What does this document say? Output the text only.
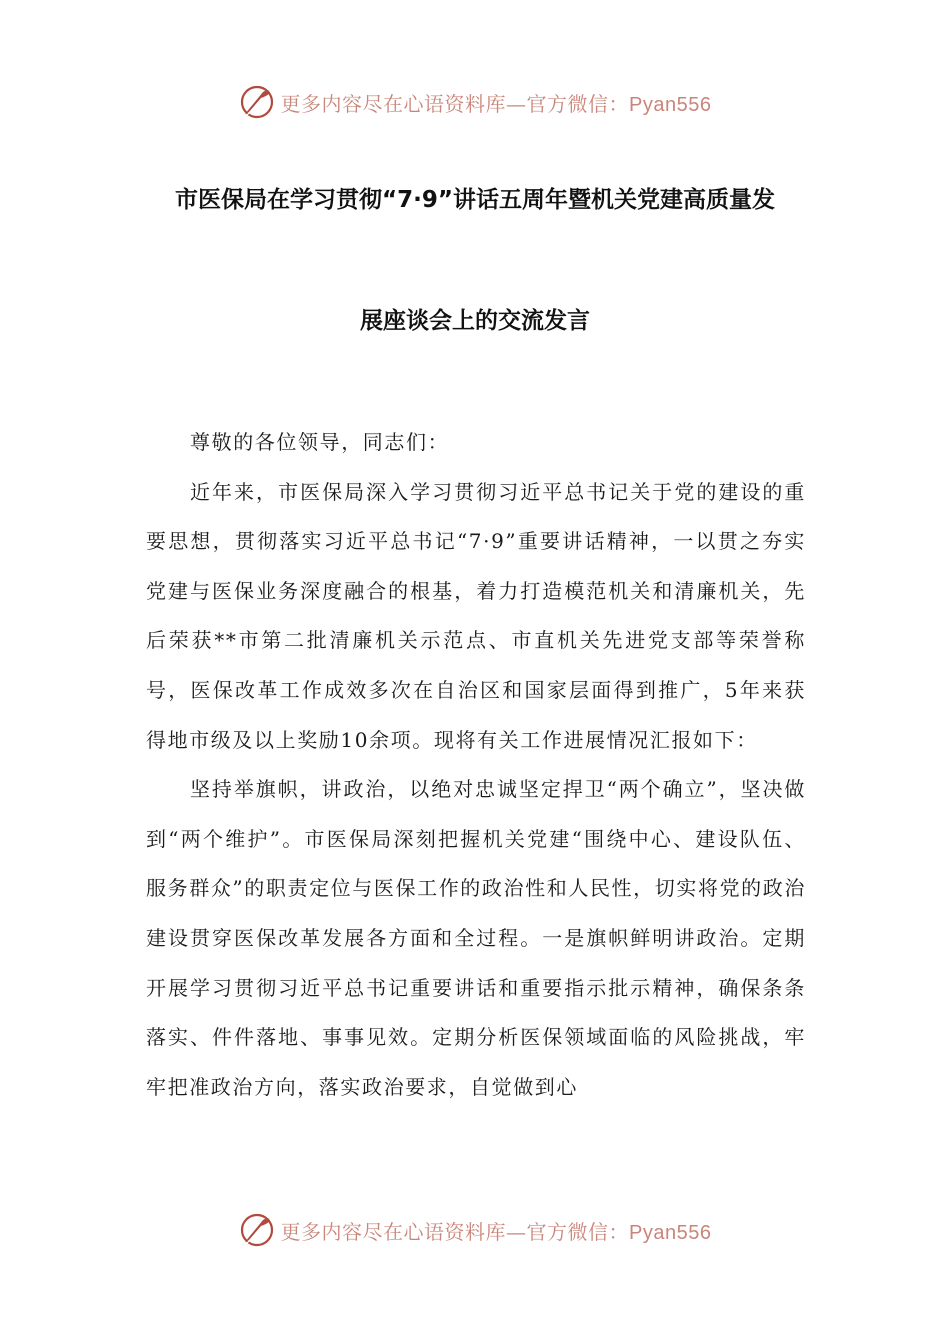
更多内容尽在心语资料库—官方微信：Pyan556
市医保局在学习贯彻“7·9”讲话五周年暨机关党建高质量发
展座谈会上的交流发言

尊敬的各位领导，同志们：

近年来，市医保局深入学习贯彻习近平总书记关于党的建设的重要思想，贯彻落实习近平总书记“7·9”重要讲话精神，一以贯之夯实党建与医保业务深度融合的根基，着力打造模范机关和清廉机关，先后荣获**市第二批清廉机关示范点、市直机关先进党支部等荣誉称号，医保改革工作成效多次在自治区和国家层面得到推广，5年来获得地市级及以上奖励10余项。现将有关工作进展情况汇报如下：

坚持举旗帜，讲政治，以绝对忠诚坚定捍卫“两个确立”，坚决做到“两个维护”。市医保局深刻把握机关党建“围绕中心、建设队伍、服务群众”的职责定位与医保工作的政治性和人民性，切实将党的政治建设贯穿医保改革发展各方面和全过程。一是旗帜鲜明讲政治。定期开展学习贯彻习近平总书记重要讲话和重要指示批示精神，确保条条落实、件件落地、事事见效。定期分析医保领域面临的风险挑战，牢牢把准政治方向，落实政治要求，自觉做到心

更多内容尽在心语资料库—官方微信：Pyan556
